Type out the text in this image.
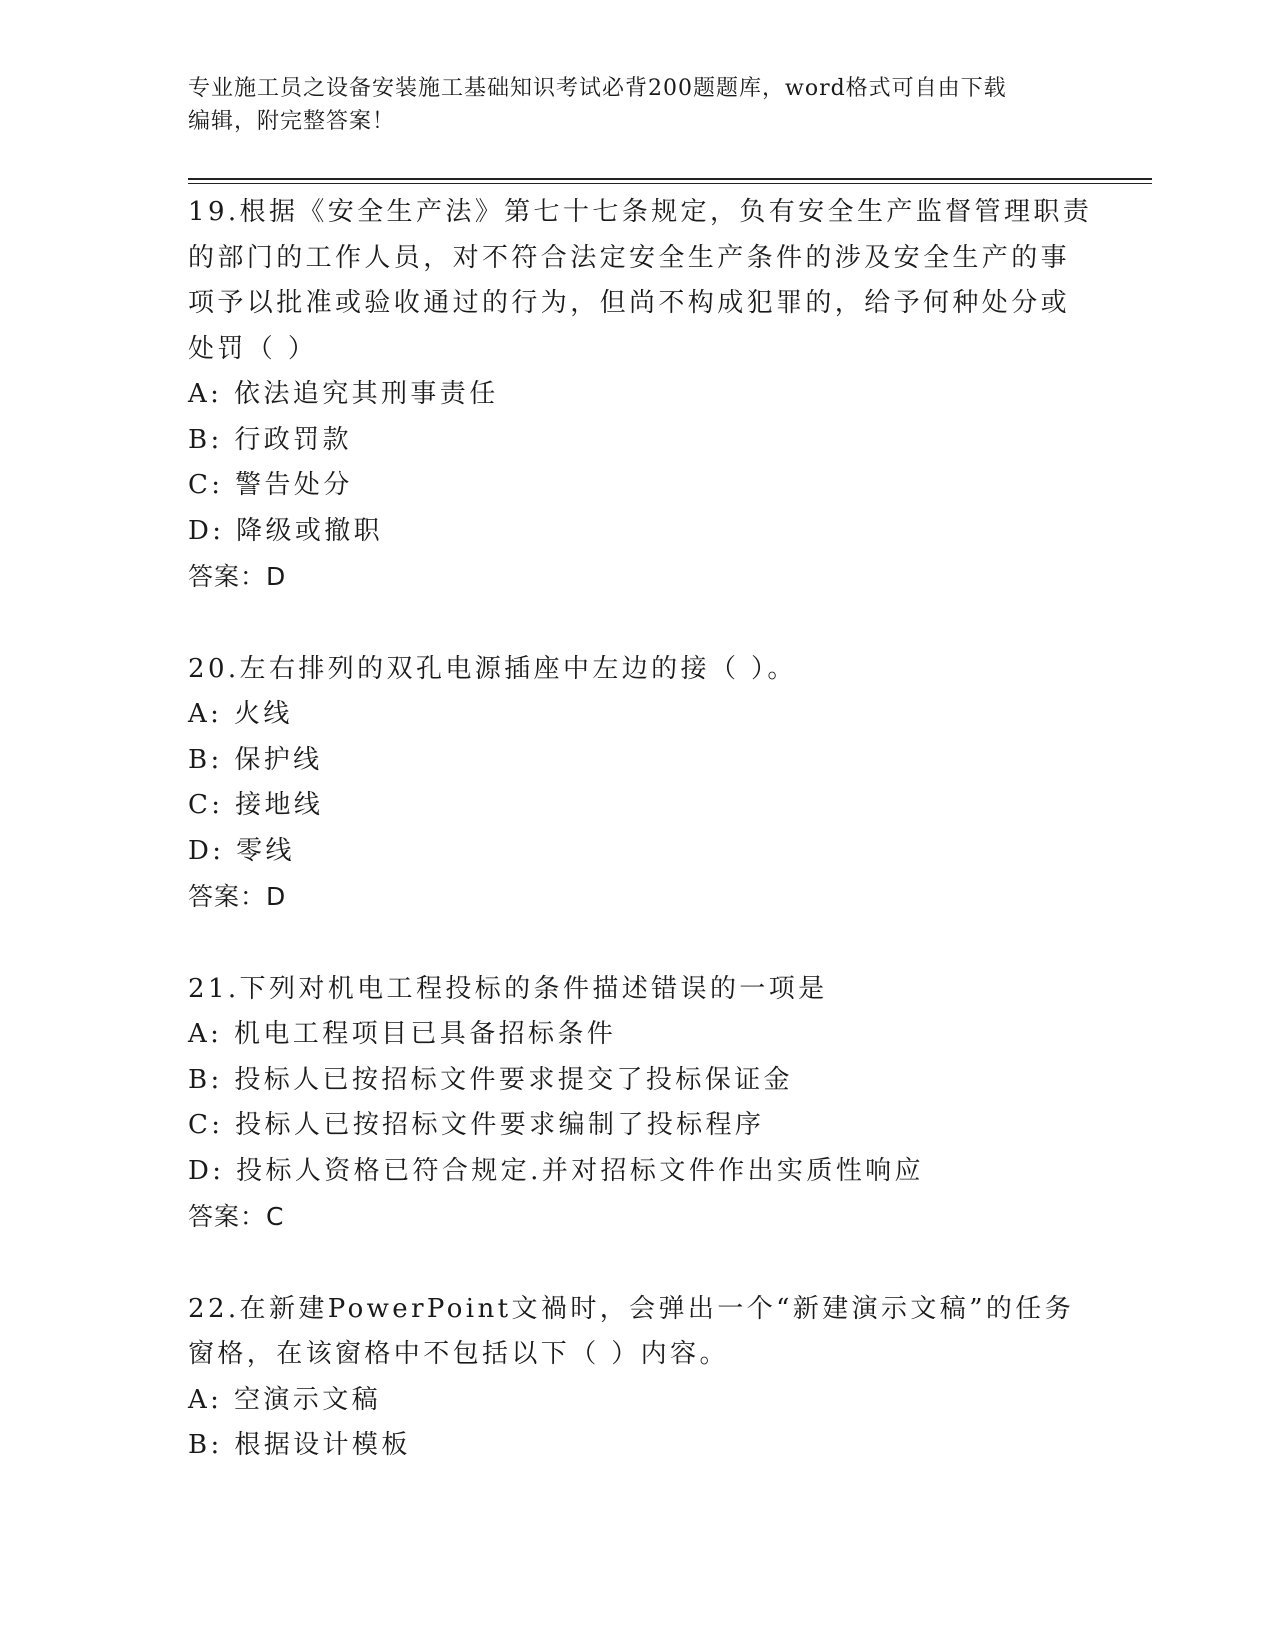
专业施工员之设备安装施工基础知识考试必背200题题库，word格式可自由下载
编辑，附完整答案！
19.根据《安全生产法》第七十七条规定，负有安全生产监督管理职责
的部门的工作人员，对不符合法定安全生产条件的涉及安全生产的事
项予以批准或验收通过的行为，但尚不构成犯罪的，给予何种处分或
处罚（ ）
A: 依法追究其刑事责任
B: 行政罚款
C: 警告处分
D: 降级或撤职
答案：D
20.左右排列的双孔电源插座中左边的接（ ）。
A: 火线
B: 保护线
C: 接地线
D: 零线
答案：D
21.下列对机电工程投标的条件描述错误的一项是
A: 机电工程项目已具备招标条件
B: 投标人已按招标文件要求提交了投标保证金
C: 投标人已按招标文件要求编制了投标程序
D: 投标人资格已符合规定.并对招标文件作出实质性响应
答案：C
22.在新建PowerPoint文禍时，会弹出一个“新建演示文稿”的任务
窗格，在该窗格中不包括以下（ ）内容。
A: 空演示文稿
B: 根据设计模板
